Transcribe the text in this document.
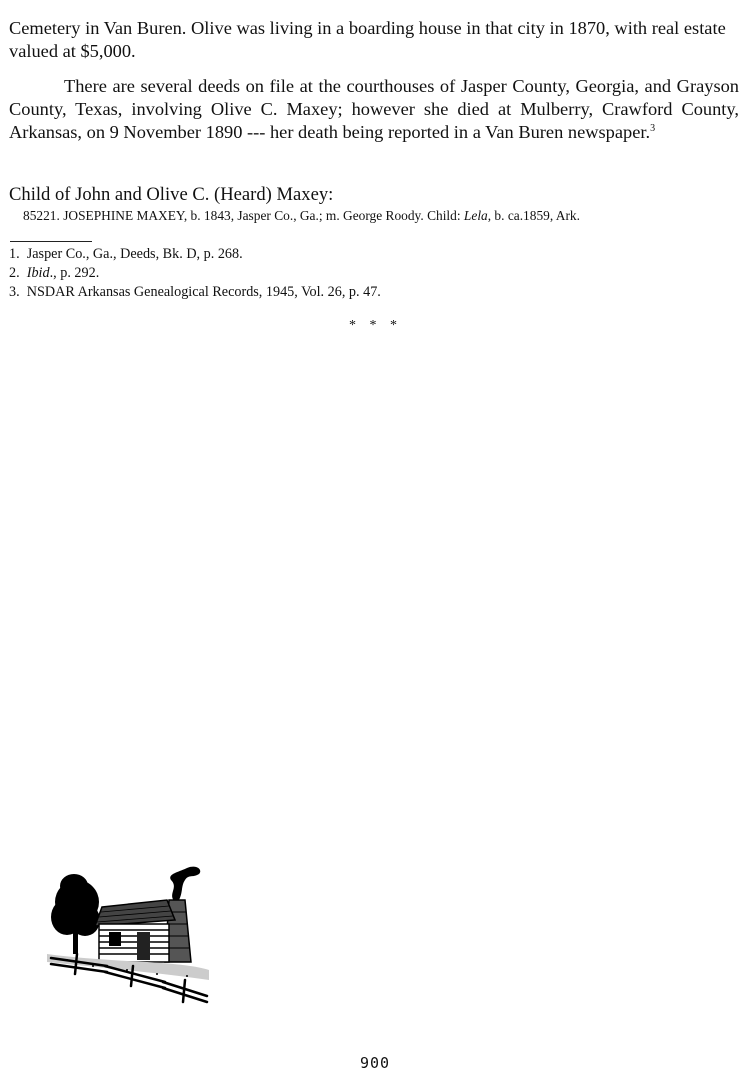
Cemetery in Van Buren. Olive was living in a boarding house in that city in 1870, with real estate valued at $5,000.

There are several deeds on file at the courthouses of Jasper County, Georgia, and Grayson County, Texas, involving Olive C. Maxey; however she died at Mulberry, Crawford County, Arkansas, on 9 November 1890 --- her death being reported in a Van Buren newspaper.$^3$

Child of John and Olive C. (Heard) Maxey:
85221. JOSEPHINE MAXEY, b. 1843, Jasper Co., Ga.; m. George Roody. Child: Lela, b. ca.1859, Ark.
1. Jasper Co., Ga., Deeds, Bk. D, p. 268.
2. Ibid., p. 292.
3. NSDAR Arkansas Genealogical Records, 1945, Vol. 26, p. 47.
* * *
900
